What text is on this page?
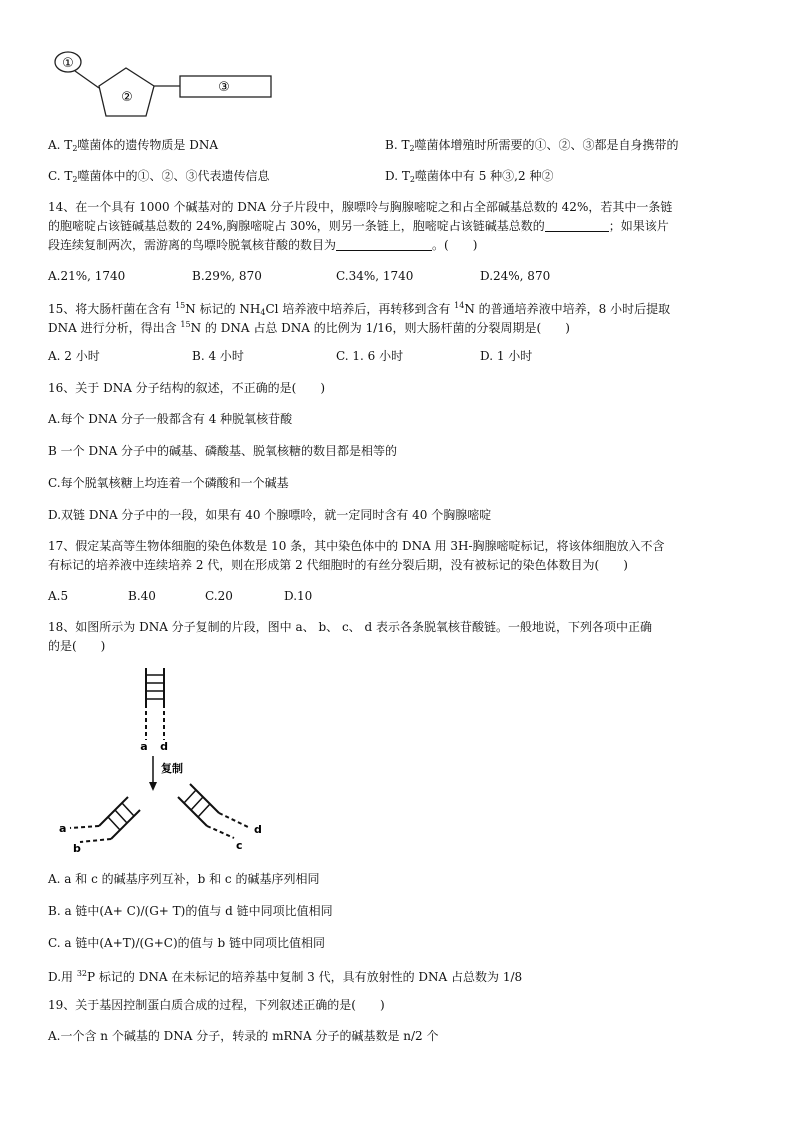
①
②
③
A. $T_2$噬菌体的遗传物质是 DNA	B. $T_2$噬菌体增殖时所需要的①、②、③都是自身携带的
C. $T_2$噬菌体中的①、②、③代表遗传信息	D. $T_2$噬菌体中有 5 种③,2 种②
14、在一个具有 1000 个碱基对的 DNA 分子片段中，腺嘌呤与胸腺嘧啶之和占全部碱基总数的 42%，若其中一条链
的胞嘧啶占该链碱基总数的 24%,胸腺嘧啶占 30%，则另一条链上，胞嘧啶占该链碱基总数的	；如果该片
段连续复制两次，需游离的鸟嘌呤脱氧核苷酸的数目为	。(　　)
A.21%, 1740	B.29%, 870	C.34%, 1740	D.24%, 870
15、将大肠杆菌在含有 $^{15}$N 标记的 $NH_4Cl$ 培养液中培养后，再转移到含有 $^{14}$N 的普通培养液中培养，8 小时后提取
DNA 进行分析，得出含 $^{15}$N 的 DNA 占总 DNA 的比例为 1/16，则大肠杆菌的分裂周期是(　　)
A. 2 小时	B. 4 小时	C. 1. 6 小时	D. 1 小时
16、关于 DNA 分子结构的叙述，不正确的是(　　)
A.每个 DNA 分子一般都含有 4 种脱氧核苷酸
B 一个 DNA 分子中的碱基、磷酸基、脱氧核糖的数目都是相等的
C.每个脱氧核糖上均连着一个磷酸和一个碱基
D.双链 DNA 分子中的一段，如果有 40 个腺嘌呤，就一定同时含有 40 个胸腺嘧啶
17、假定某高等生物体细胞的染色体数是 10 条，其中染色体中的 DNA 用 3H-胸腺嘧啶标记，将该体细胞放入不含
有标记的培养液中连续培养 2 代，则在形成第 2 代细胞时的有丝分裂后期，没有被标记的染色体数目为(　　)
A.5	B.40	C.20	D.10
18、如图所示为 DNA 分子复制的片段，图中 a、 b、 c、 d 表示各条脱氧核苷酸链。一般地说，下列各项中正确
的是(　　)
a d
复制
a
b	c
d
A. a 和 c 的碱基序列互补，b 和 c 的碱基序列相同
B. a 链中(A+ C)/(G+ T)的值与 d 链中同项比值相同
C. a 链中(A+T)/(G+C)的值与 b 链中同项比值相同
D.用 $^{32}$P 标记的 DNA 在未标记的培养基中复制 3 代，具有放射性的 DNA 占总数为 1/8
19、关于基因控制蛋白质合成的过程，下列叙述正确的是(　　)
A.一个含 n 个碱基的 DNA 分子，转录的 mRNA 分子的碱基数是 n/2 个
